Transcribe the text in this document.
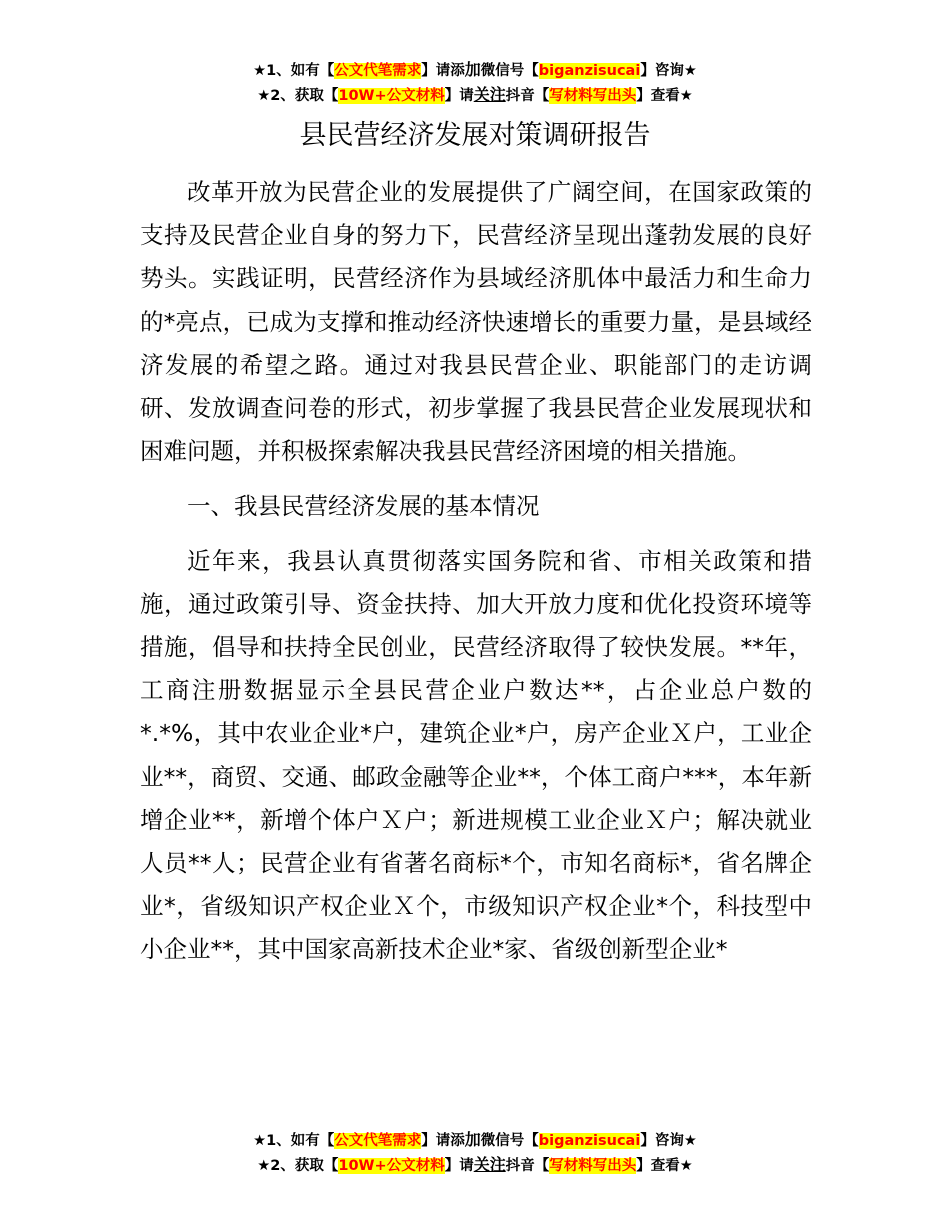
★1、如有【公文代笔需求】请添加微信号【biganzisucai】咨询★
★2、获取【10W+公文材料】请关注抖音【写材料写出头】查看★
县民营经济发展对策调研报告

改革开放为民营企业的发展提供了广阔空间，在国家政策的支持及民营企业自身的努力下，民营经济呈现出蓬勃发展的良好势头。实践证明，民营经济作为县域经济肌体中最活力和生命力的*亮点，已成为支撑和推动经济快速增长的重要力量，是县域经济发展的希望之路。通过对我县民营企业、职能部门的走访调研、发放调查问卷的形式，初步掌握了我县民营企业发展现状和困难问题，并积极探索解决我县民营经济困境的相关措施。

一、我县民营经济发展的基本情况

近年来，我县认真贯彻落实国务院和省、市相关政策和措施，通过政策引导、资金扶持、加大开放力度和优化投资环境等措施，倡导和扶持全民创业，民营经济取得了较快发展。**年，工商注册数据显示全县民营企业户数达**，占企业总户数的*.*%，其中农业企业*户，建筑企业*户，房产企业Ｘ户，工业企业**，商贸、交通、邮政金融等企业**，个体工商户***，本年新增企业**，新增个体户Ｘ户；新进规模工业企业Ｘ户；解决就业人员**人；民营企业有省著名商标*个，市知名商标*，省名牌企业*，省级知识产权企业Ｘ个，市级知识产权企业*个，科技型中小企业**，其中国家高新技术企业*家、省级创新型企业*

★1、如有【公文代笔需求】请添加微信号【biganzisucai】咨询★
★2、获取【10W+公文材料】请关注抖音【写材料写出头】查看★
